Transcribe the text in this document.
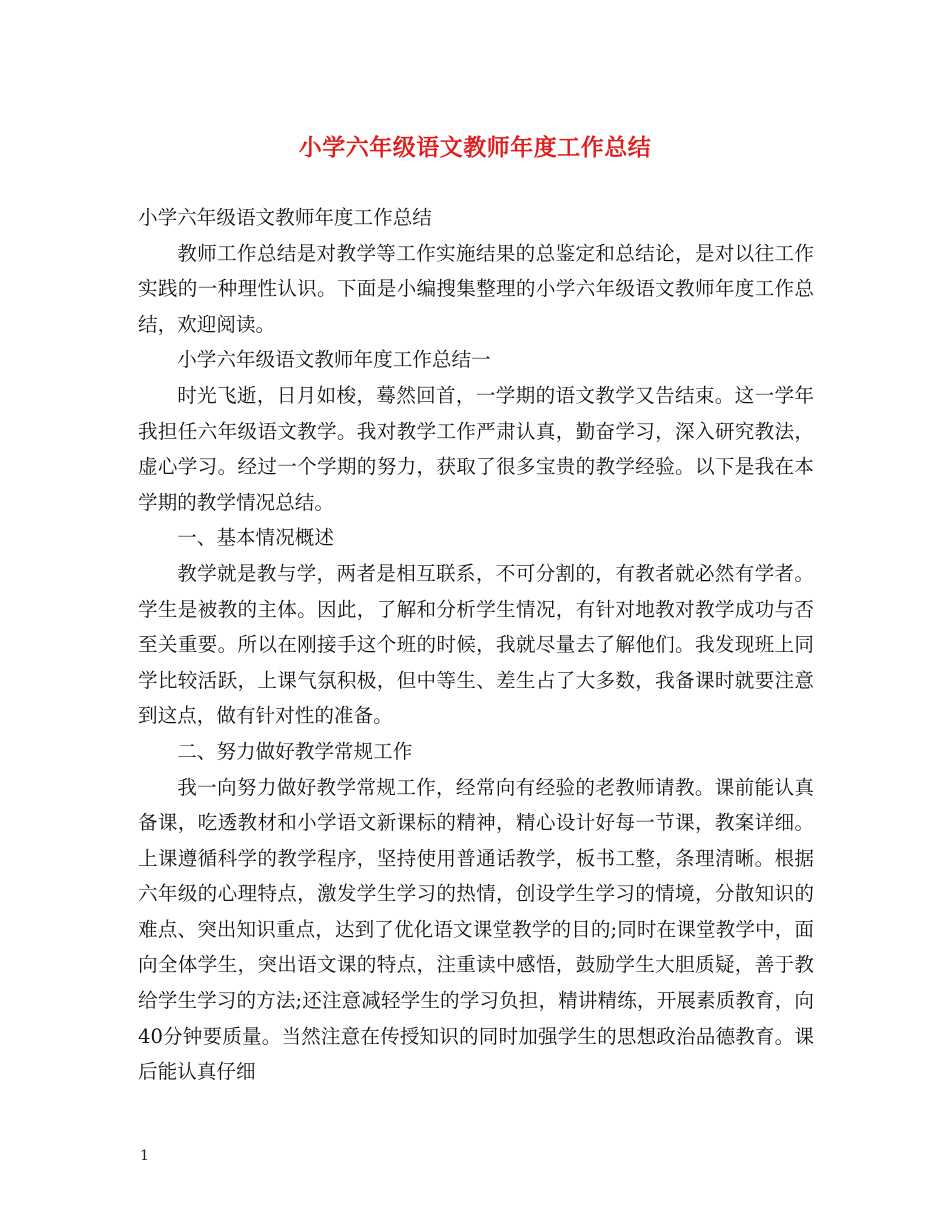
小学六年级语文教师年度工作总结

小学六年级语文教师年度工作总结

教师工作总结是对教学等工作实施结果的总鉴定和总结论，是对以往工作实践的一种理性认识。下面是小编搜集整理的小学六年级语文教师年度工作总结，欢迎阅读。

小学六年级语文教师年度工作总结一

时光飞逝，日月如梭，蓦然回首，一学期的语文教学又告结束。这一学年我担任六年级语文教学。我对教学工作严肃认真，勤奋学习，深入研究教法，虚心学习。经过一个学期的努力，获取了很多宝贵的教学经验。以下是我在本学期的教学情况总结。

一、基本情况概述

教学就是教与学，两者是相互联系，不可分割的，有教者就必然有学者。学生是被教的主体。因此，了解和分析学生情况，有针对地教对教学成功与否至关重要。所以在刚接手这个班的时候，我就尽量去了解他们。我发现班上同学比较活跃，上课气氛积极，但中等生、差生占了大多数，我备课时就要注意到这点，做有针对性的准备。

二、努力做好教学常规工作

我一向努力做好教学常规工作，经常向有经验的老教师请教。课前能认真备课，吃透教材和小学语文新课标的精神，精心设计好每一节课，教案详细。上课遵循科学的教学程序，坚持使用普通话教学，板书工整，条理清晰。根据六年级的心理特点，激发学生学习的热情，创设学生学习的情境，分散知识的难点、突出知识重点，达到了优化语文课堂教学的目的;同时在课堂教学中，面向全体学生，突出语文课的特点，注重读中感悟，鼓励学生大胆质疑，善于教给学生学习的方法;还注意减轻学生的学习负担，精讲精练，开展素质教育，向40分钟要质量。当然注意在传授知识的同时加强学生的思想政治品德教育。课后能认真仔细

1
